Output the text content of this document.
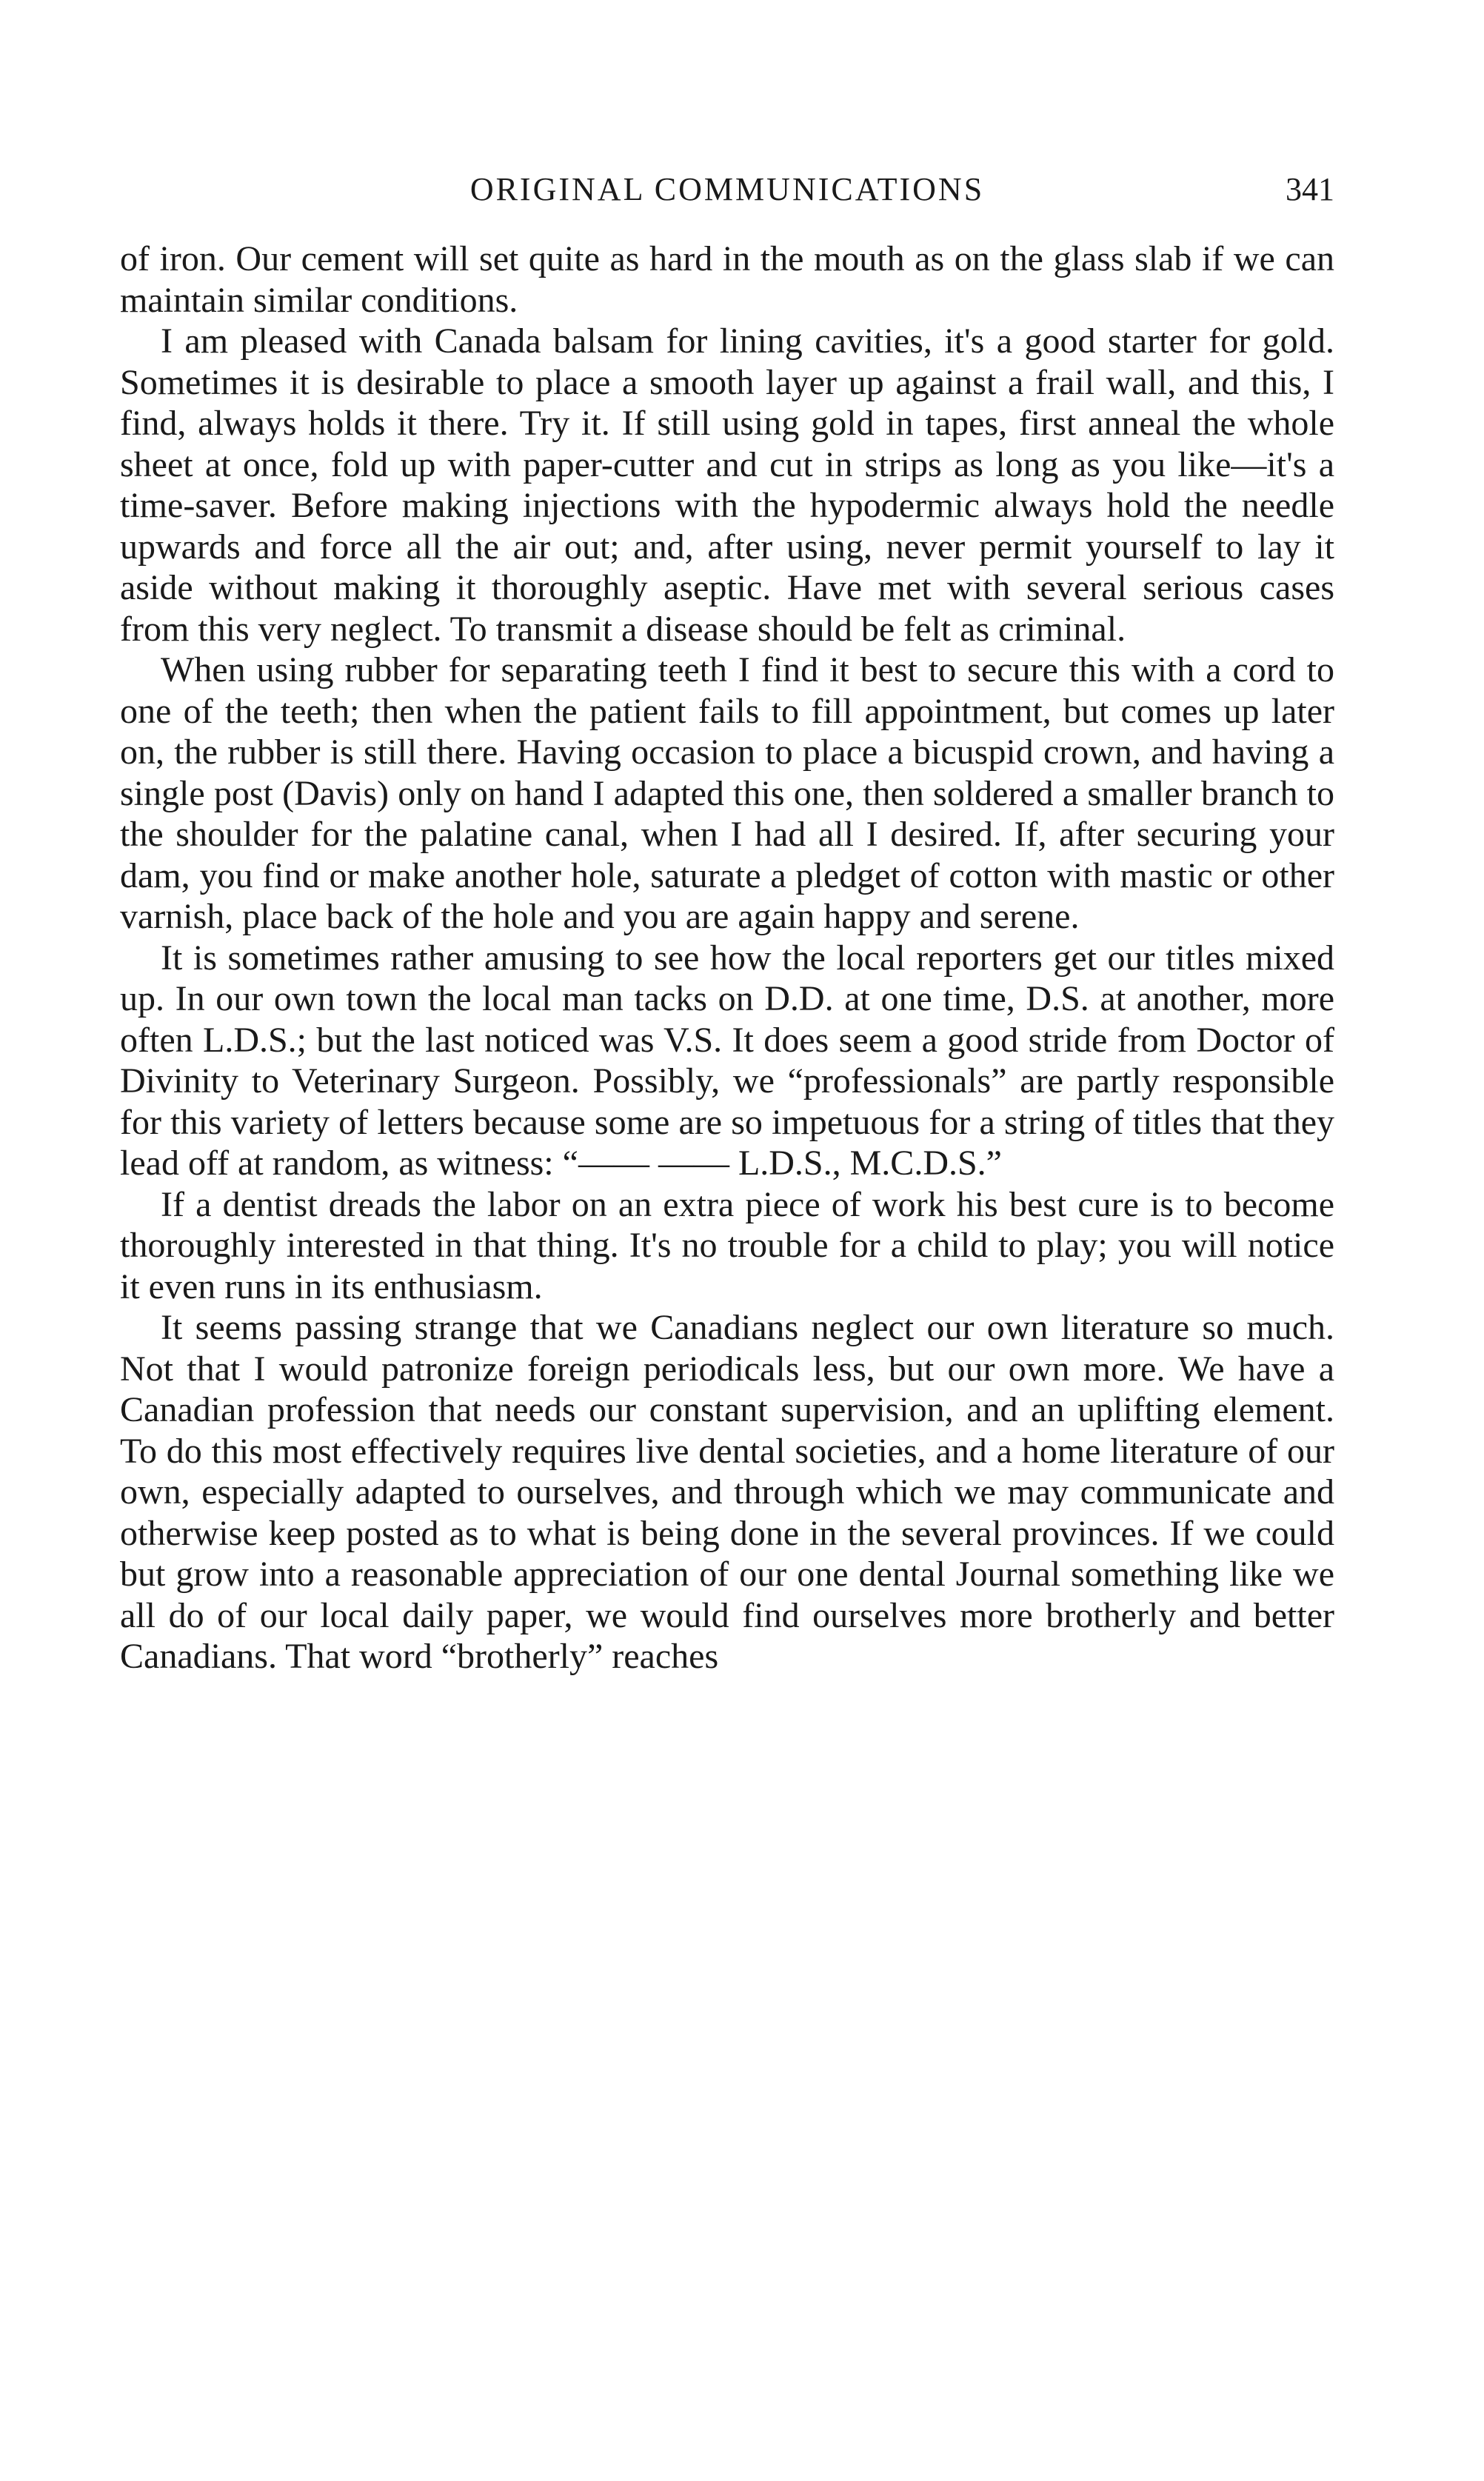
ORIGINAL COMMUNICATIONS	341

of iron. Our cement will set quite as hard in the mouth as on the glass slab if we can maintain similar conditions.

I am pleased with Canada balsam for lining cavities, it's a good starter for gold. Sometimes it is desirable to place a smooth layer up against a frail wall, and this, I find, always holds it there. Try it. If still using gold in tapes, first anneal the whole sheet at once, fold up with paper-cutter and cut in strips as long as you like—it's a time-saver. Before making injections with the hypodermic always hold the needle upwards and force all the air out; and, after using, never permit yourself to lay it aside without making it thoroughly aseptic. Have met with several serious cases from this very neglect. To transmit a disease should be felt as criminal.

When using rubber for separating teeth I find it best to secure this with a cord to one of the teeth; then when the patient fails to fill appointment, but comes up later on, the rubber is still there. Having occasion to place a bicuspid crown, and having a single post (Davis) only on hand I adapted this one, then soldered a smaller branch to the shoulder for the palatine canal, when I had all I desired. If, after securing your dam, you find or make another hole, saturate a pledget of cotton with mastic or other varnish, place back of the hole and you are again happy and serene.

It is sometimes rather amusing to see how the local reporters get our titles mixed up. In our own town the local man tacks on D.D. at one time, D.S. at another, more often L.D.S.; but the last noticed was V.S. It does seem a good stride from Doctor of Divinity to Veterinary Surgeon. Possibly, we “professionals” are partly responsible for this variety of letters because some are so impetuous for a string of titles that they lead off at random, as witness: “—— —— L.D.S., M.C.D.S.”

If a dentist dreads the labor on an extra piece of work his best cure is to become thoroughly interested in that thing. It's no trouble for a child to play; you will notice it even runs in its enthusiasm.

It seems passing strange that we Canadians neglect our own literature so much. Not that I would patronize foreign periodicals less, but our own more. We have a Canadian profession that needs our constant supervision, and an uplifting element. To do this most effectively requires live dental societies, and a home literature of our own, especially adapted to ourselves, and through which we may communicate and otherwise keep posted as to what is being done in the several provinces. If we could but grow into a reasonable appreciation of our one dental Journal something like we all do of our local daily paper, we would find ourselves more brotherly and better Canadians. That word “brotherly” reaches
